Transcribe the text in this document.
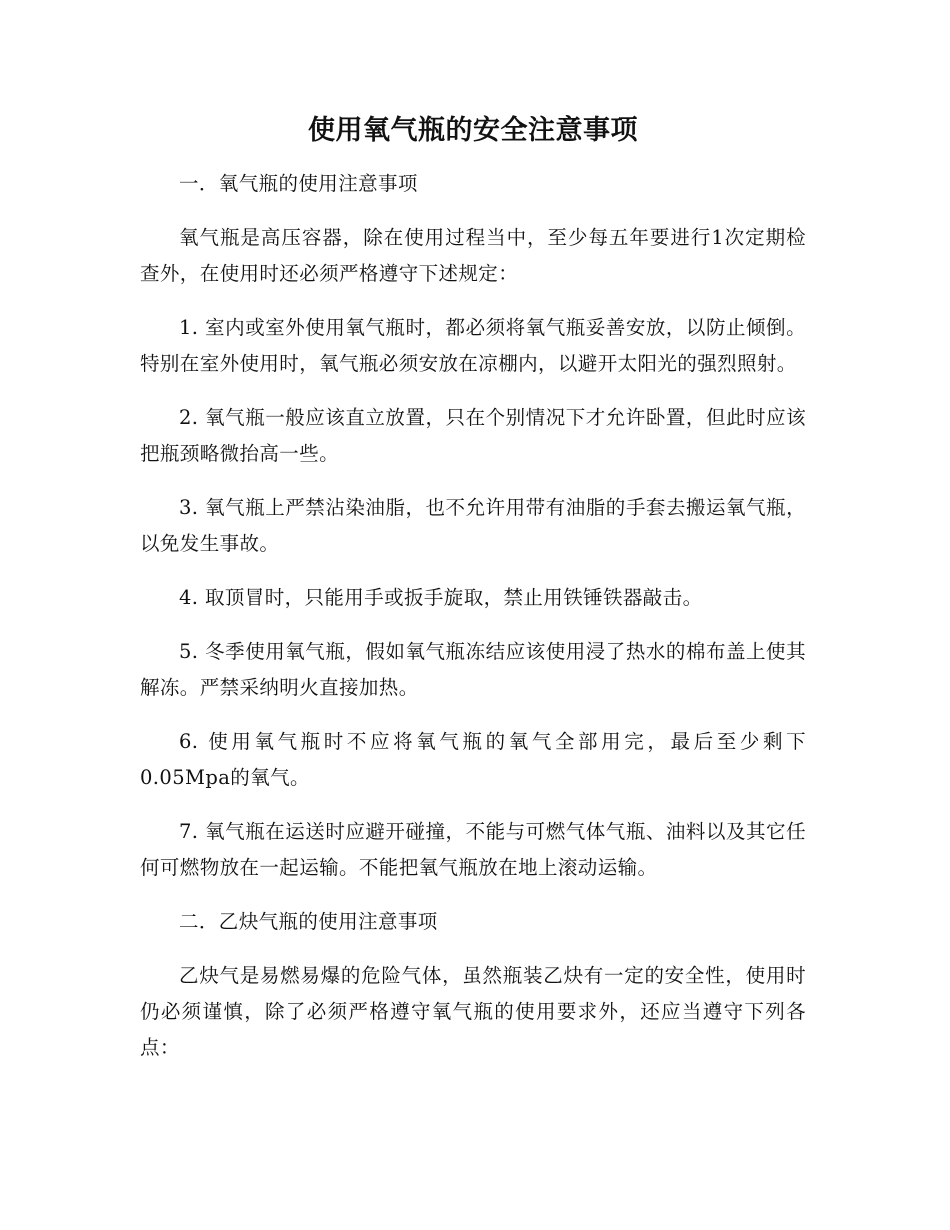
使用氧气瓶的安全注意事项

一．氧气瓶的使用注意事项

氧气瓶是高压容器，除在使用过程当中，至少每五年要进行1次定期检查外，在使用时还必须严格遵守下述规定：

1. 室内或室外使用氧气瓶时，都必须将氧气瓶妥善安放，以防止倾倒。特别在室外使用时，氧气瓶必须安放在凉棚内，以避开太阳光的强烈照射。

2. 氧气瓶一般应该直立放置，只在个别情况下才允许卧置，但此时应该把瓶颈略微抬高一些。

3. 氧气瓶上严禁沾染油脂，也不允许用带有油脂的手套去搬运氧气瓶，以免发生事故。

4. 取顶冒时，只能用手或扳手旋取，禁止用铁锤铁器敲击。

5. 冬季使用氧气瓶，假如氧气瓶冻结应该使用浸了热水的棉布盖上使其解冻。严禁采纳明火直接加热。

6. 使用氧气瓶时不应将氧气瓶的氧气全部用完，最后至少剩下0.05Mpa的氧气。

7. 氧气瓶在运送时应避开碰撞，不能与可燃气体气瓶、油料以及其它任何可燃物放在一起运输。不能把氧气瓶放在地上滚动运输。

二．乙炔气瓶的使用注意事项

乙炔气是易燃易爆的危险气体，虽然瓶装乙炔有一定的安全性，使用时仍必须谨慎，除了必须严格遵守氧气瓶的使用要求外，还应当遵守下列各点：
